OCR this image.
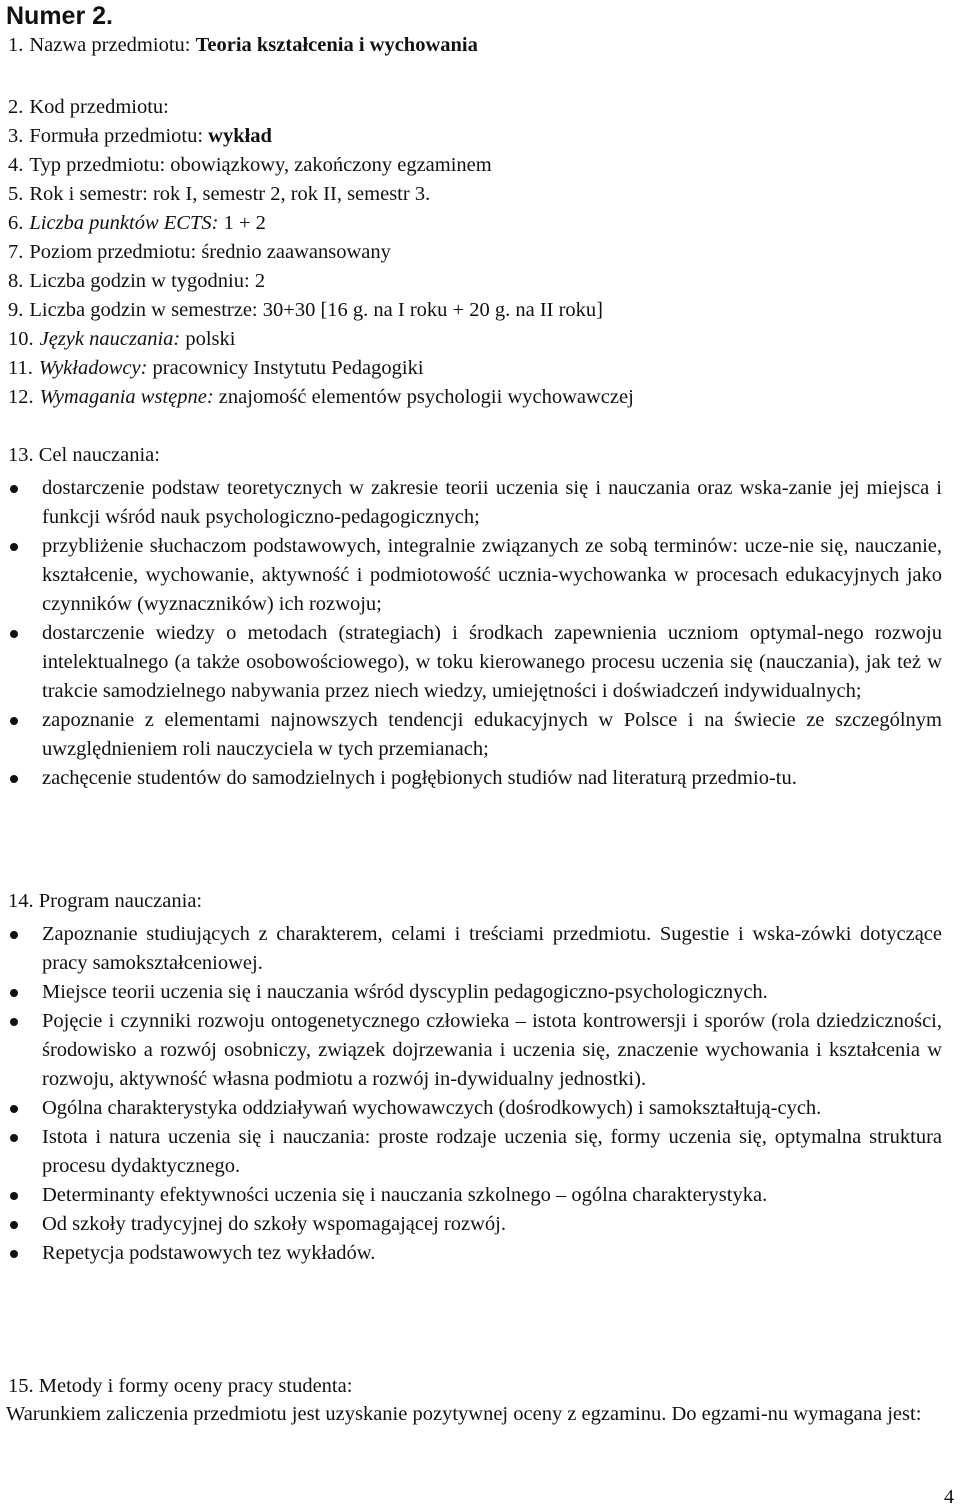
Numer 2.
1. Nazwa przedmiotu: Teoria kształcenia i wychowania
2. Kod przedmiotu:
3. Formuła przedmiotu: wykład
4. Typ przedmiotu: obowiązkowy, zakończony egzaminem
5. Rok i semestr: rok I, semestr 2, rok II, semestr 3.
6. Liczba punktów ECTS: 1 + 2
7. Poziom przedmiotu: średnio zaawansowany
8. Liczba godzin w tygodniu: 2
9. Liczba godzin w semestrze: 30+30 [16 g. na I roku + 20 g. na II roku]
10. Język nauczania: polski
11. Wykładowcy: pracownicy Instytutu Pedagogiki
12. Wymagania wstępne: znajomość elementów psychologii wychowawczej
13. Cel nauczania:
dostarczenie podstaw teoretycznych w zakresie teorii uczenia się i nauczania oraz wska-zanie jej miejsca i funkcji wśród nauk psychologiczno-pedagogicznych;
przybliżenie słuchaczom podstawowych, integralnie związanych ze sobą terminów: ucze-nie się, nauczanie, kształcenie, wychowanie, aktywność i podmiotowość ucznia-wychowanka w procesach edukacyjnych jako czynników (wyznaczników) ich rozwoju;
dostarczenie wiedzy o metodach (strategiach) i środkach zapewnienia uczniom optymal-nego rozwoju intelektualnego (a także osobowościowego), w toku kierowanego procesu uczenia się (nauczania), jak też w trakcie samodzielnego nabywania przez niech wiedzy, umiejętności i doświadczeń indywidualnych;
zapoznanie z elementami najnowszych tendencji edukacyjnych w Polsce i na świecie ze szczególnym uwzględnieniem roli nauczyciela w tych przemianach;
zachęcenie studentów do samodzielnych i pogłębionych studiów nad literaturą przedmio-tu.
14. Program nauczania:
Zapoznanie studiujących z charakterem, celami i treściami przedmiotu. Sugestie i wska-zówki dotyczące pracy samokształceniowej.
Miejsce teorii uczenia się i nauczania wśród dyscyplin pedagogiczno-psychologicznych.
Pojęcie i czynniki rozwoju ontogenetycznego człowieka – istota kontrowersji i sporów (rola dziedziczności, środowisko a rozwój osobniczy, związek dojrzewania i uczenia się, znaczenie wychowania i kształcenia w rozwoju, aktywność własna podmiotu a rozwój in-dywidualny jednostki).
Ogólna charakterystyka oddziaływań wychowawczych (dośrodkowych) i samokształtują-cych.
Istota i natura uczenia się i nauczania: proste rodzaje uczenia się, formy uczenia się, optymalna struktura procesu dydaktycznego.
Determinanty efektywności uczenia się i nauczania szkolnego – ogólna charakterystyka.
Od szkoły tradycyjnej do szkoły wspomagającej rozwój.
Repetycja podstawowych tez wykładów.
15. Metody i formy oceny pracy studenta:
Warunkiem zaliczenia przedmiotu jest uzyskanie pozytywnej oceny z egzaminu. Do egzami-nu wymagana jest:
4
